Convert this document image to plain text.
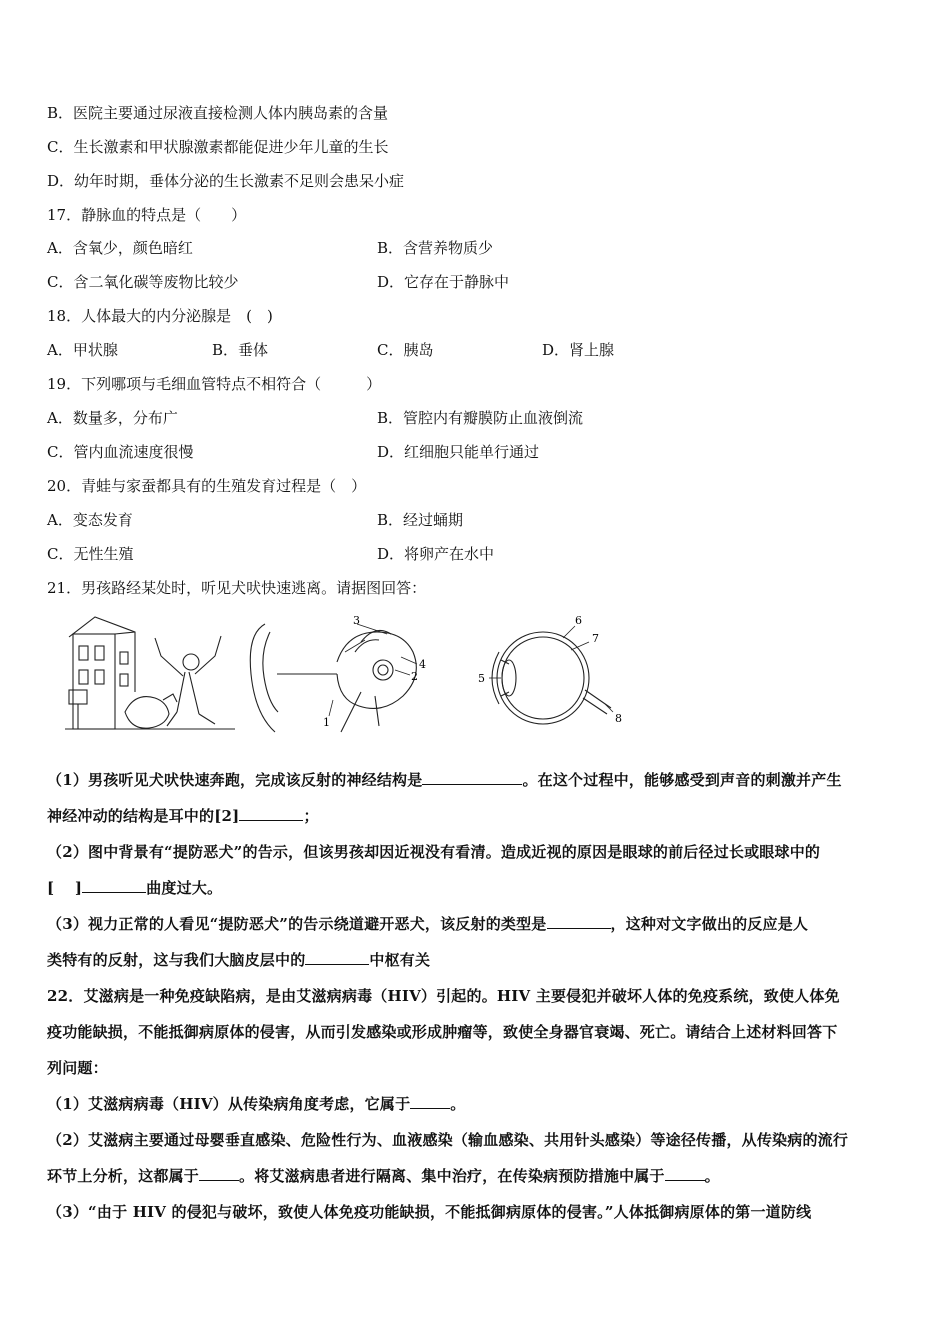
B．医院主要通过尿液直接检测人体内胰岛素的含量
C．生长激素和甲状腺激素都能促进少年儿童的生长
D．幼年时期，垂体分泌的生长激素不足则会患呆小症
17．静脉血的特点是（　　）
A．含氧少，颜色暗红	B．含营养物质少
C．含二氧化碳等废物比较少	D．它存在于静脉中
18．人体最大的内分泌腺是　(　)
A．甲状腺	B．垂体	C．胰岛	D．肾上腺
19．下列哪项与毛细血管特点不相符合（　　　）
A．数量多，分布广	B．管腔内有瓣膜防止血液倒流
C．管内血流速度很慢	D．红细胞只能单行通过
20．青蛙与家蚕都具有的生殖发育过程是（　）
A．变态发育	B．经过蛹期
C．无性生殖	D．将卵产在水中
21．男孩路经某处时，听见犬吠快速逃离。请据图回答：
3
4
2
1
5
6
7
8
（1）男孩听见犬吠快速奔跑，完成该反射的神经结构是	。在这个过程中，能够感受到声音的刺激并产生
神经冲动的结构是耳中的[2]	；
（2）图中背景有“提防恶犬”的告示，但该男孩却因近视没有看清。造成近视的原因是眼球的前后径过长或眼球中的
[　 ]	曲度过大。
（3）视力正常的人看见“提防恶犬”的告示绕道避开恶犬，该反射的类型是	，这种对文字做出的反应是人
类特有的反射，这与我们大脑皮层中的	中枢有关
22．艾滋病是一种免疫缺陷病，是由艾滋病病毒（HIV）引起的。HIV 主要侵犯并破坏人体的免疫系统，致使人体免
疫功能缺损，不能抵御病原体的侵害，从而引发感染或形成肿瘤等，致使全身器官衰竭、死亡。请结合上述材料回答下
列问题：
（1）艾滋病病毒（HIV）从传染病角度考虑，它属于	。
（2）艾滋病主要通过母婴垂直感染、危险性行为、血液感染（输血感染、共用针头感染）等途径传播，从传染病的流行
环节上分析，这都属于	。将艾滋病患者进行隔离、集中治疗，在传染病预防措施中属于	。
（3）“由于 HIV 的侵犯与破坏，致使人体免疫功能缺损，不能抵御病原体的侵害。”人体抵御病原体的第一道防线
